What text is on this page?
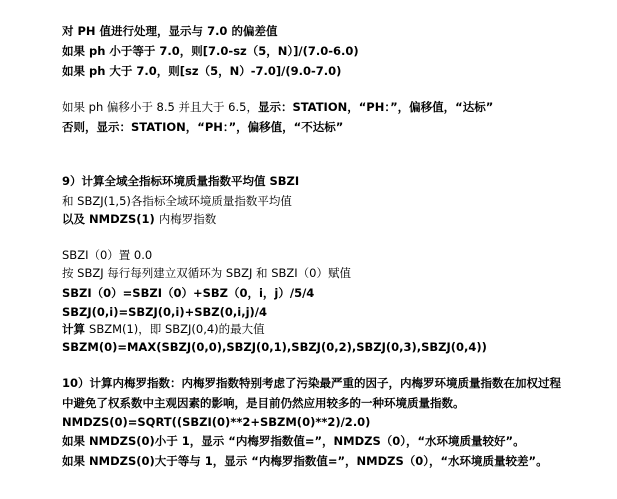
对 PH 值进行处理，显示与 7.0 的偏差值
如果 ph 小于等于 7.0，则[7.0-sz（5，N）]/(7.0-6.0)
如果 ph 大于 7.0，则[sz（5，N）-7.0]/(9.0-7.0)
如果 ph 偏移小于 8.5 并且大于 6.5，显示：STATION，“PH：”，偏移值，“达标”
否则，显示：STATION，“PH：”，偏移值，“不达标”
9）计算全域全指标环境质量指数平均值 SBZI
和 SBZJ(1,5)各指标全域环境质量指数平均值
以及 NMDZS(1) 内梅罗指数
SBZI（0）置 0.0
按 SBZJ 每行每列建立双循环为 SBZJ 和 SBZI（0）赋值
SBZI（0）=SBZI（0）+SBZ（0，i，j）/5/4
SBZJ(0,i)=SBZJ(0,i)+SBZ(0,i,j)/4
计算 SBZM(1)，即 SBZJ(0,4)的最大值
SBZM(0)=MAX(SBZJ(0,0),SBZJ(0,1),SBZJ(0,2),SBZJ(0,3),SBZJ(0,4))
10）计算内梅罗指数：内梅罗指数特别考虑了污染最严重的因子，内梅罗环境质量指数在加权过程中避免了权系数中主观因素的影响，是目前仍然应用较多的一种环境质量指数。
NMDZS(0)=SQRT((SBZI(0)**2+SBZM(0)**2)/2.0)
如果 NMDZS(0)小于 1，显示 “内梅罗指数值=”，NMDZS（0），“水环境质量较好”。
如果 NMDZS(0)大于等与 1，显示 “内梅罗指数值=”，NMDZS（0），“水环境质量较差”。
